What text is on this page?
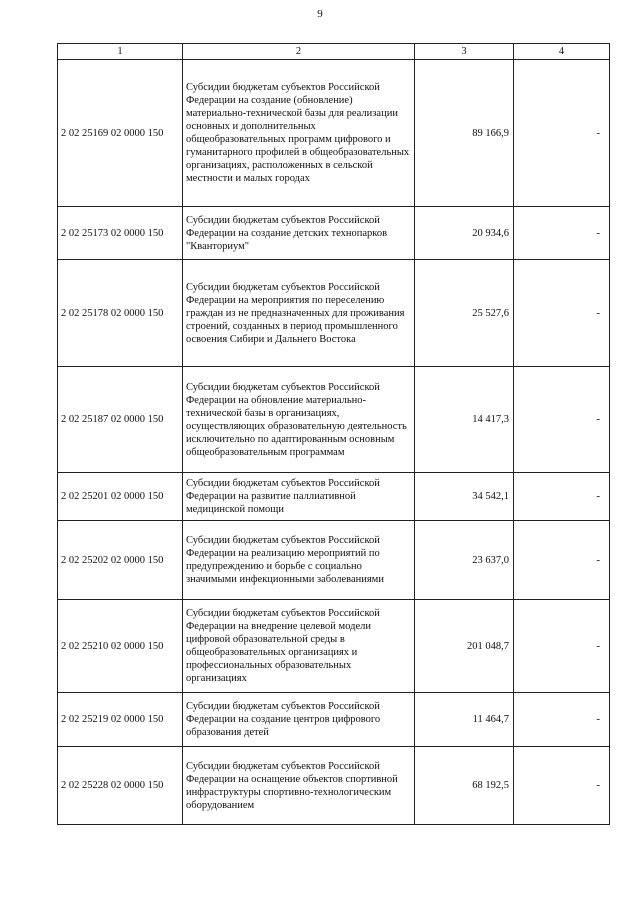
9
1	2	3	4
2 02 25169 02 0000 150	Субсидии бюджетам субъектов Российской Федерации на создание (обновление) материально-технической базы для реализации основных и дополнительных общеобразовательных программ цифрового и гуманитарного профилей в общеобразовательных организациях, расположенных в сельской местности и малых городах	89 166,9	-
2 02 25173 02 0000 150	Субсидии бюджетам субъектов Российской Федерации на создание детских технопарков "Кванториум"	20 934,6	-
2 02 25178 02 0000 150	Субсидии бюджетам субъектов Российской Федерации на мероприятия по переселению граждан из не предназначенных для проживания строений, созданных в период промышленного освоения Сибири и Дальнего Востока	25 527,6	-
2 02 25187 02 0000 150	Субсидии бюджетам субъектов Российской Федерации на обновление материально-технической базы в организациях, осуществляющих образовательную деятельность исключительно по адаптированным основным общеобразовательным программам	14 417,3	-
2 02 25201 02 0000 150	Субсидии бюджетам субъектов Российской Федерации на развитие паллиативной медицинской помощи	34 542,1	-
2 02 25202 02 0000 150	Субсидии бюджетам субъектов Российской Федерации на реализацию мероприятий по предупреждению и борьбе с социально значимыми инфекционными заболеваниями	23 637,0	-
2 02 25210 02 0000 150	Субсидии бюджетам субъектов Российской Федерации на внедрение целевой модели цифровой образовательной среды в общеобразовательных организациях и профессиональных образовательных организациях	201 048,7	-
2 02 25219 02 0000 150	Субсидии бюджетам субъектов Российской Федерации на создание центров цифрового образования детей	11 464,7	-
2 02 25228 02 0000 150	Субсидии бюджетам субъектов Российской Федерации на оснащение объектов спортивной инфраструктуры спортивно-технологическим оборудованием	68 192,5	-
